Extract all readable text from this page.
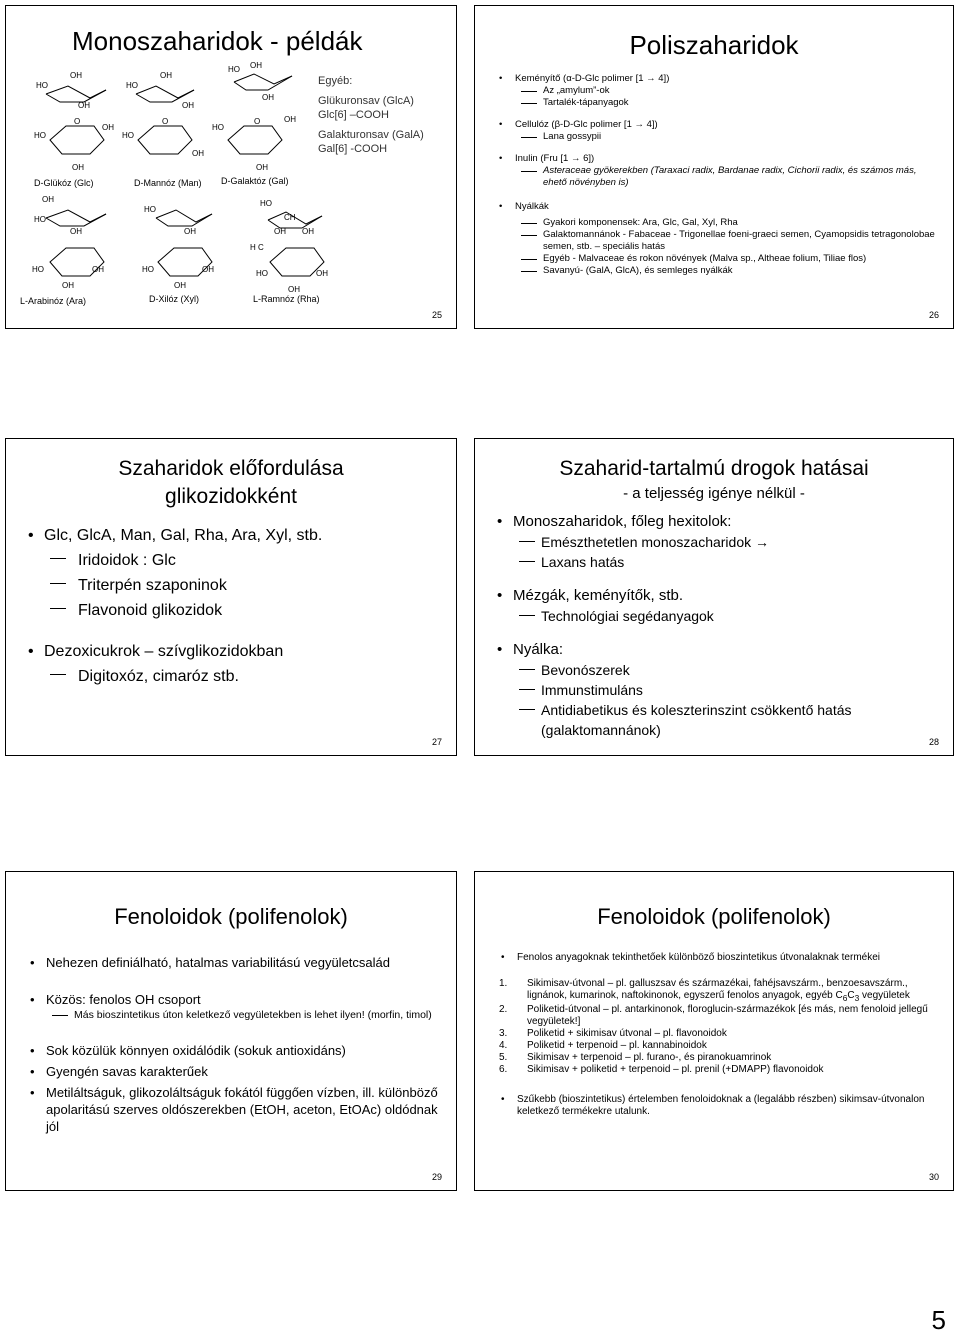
Monoszaharidok - példák
HO
OH
OH
O
HO
OH
OH
HO
OH
OH
O
HO
OH
HO OH
OH
O
HO
OH
OH
OH
HO
OH
HO	OH
OH
HO
OH
HO	OH
OH
HO
CH
OH OH
H C
HO	OH
OH
D-Glükóz (Glc)	D-Mannóz (Man) D-Galaktóz (Gal)
L-Arabinóz (Ara)	D-Xilóz (Xyl)	L-Ramnóz (Rha)
Egyéb:
Glükuronsav (GlcA)
Glc[6] –COOH
Galakturonsav (GalA)
Gal[6] -COOH
25
Poliszaharidok
• Keményítő (α-D-Glc polimer [1 → 4])
Az „amylum”-ok
Tartalék-tápanyagok
• Cellulóz (β-D-Glc polimer [1 → 4])
Lana gossypii
• Inulin (Fru [1 → 6])
Asteraceae gyökerekben (Taraxaci radix, Bardanae radix, Cichorii radix, és számos más, ehető növényben is)
• Nyálkák
Gyakori komponensek: Ara, Glc, Gal, Xyl, Rha
Galaktomannánok - Fabaceae - Trigonellae foeni-graeci semen, Cyamopsidis tetragonolobae semen, stb. – speciális hatás
Egyéb - Malvaceae és rokon növények (Malva sp., Altheae folium, Tiliae flos)
Savanyú- (GalA, GlcA), és semleges nyálkák
26
Szaharidok előfordulása
glikozidokként
• Glc, GlcA, Man, Gal, Rha, Ara, Xyl, stb.
Iridoidok : Glc
Triterpén szaponinok
Flavonoid glikozidok
• Dezoxicukrok – szívglikozidokban
Digitoxóz, cimaróz stb.
27
Szaharid-tartalmú drogok hatásai
- a teljesség igénye nélkül -
• Monoszaharidok, főleg hexitolok:
Emészthetetlen monoszacharidok →
Laxans hatás
• Mézgák, keményítők, stb.
Technológiai segédanyagok
• Nyálka:
Bevonószerek
Immunstimuláns
Antidiabetikus és koleszterinszint csökkentő hatás (galaktomannánok)
28
Fenoloidok (polifenolok)
• Nehezen definiálható, hatalmas variabilitású vegyületcsalád
• Közös: fenolos OH csoport
Más bioszintetikus úton keletkező vegyületekben is lehet ilyen! (morfin, timol)
• Sok közülük könnyen oxidálódik (sokuk antioxidáns)
• Gyengén savas karakterűek
• Metiláltságuk, glikozoláltságuk fokától függően vízben, ill. különböző apolaritású szerves oldószerekben (EtOH, aceton, EtOAc) oldódnak jól
29
Fenoloidok (polifenolok)
• Fenolos anyagoknak tekinthetőek különböző bioszintetikus útvonalaknak termékei
1. Sikimisav-útvonal – pl. galluszsav és származékai, fahéjsavszárm., benzoesavszárm., lignánok, kumarinok, naftokinonok, egyszerű fenolos anyagok, egyéb $C_6C_3$ vegyületek
2. Poliketid-útvonal – pl. antarkinonok, floroglucin-származékok [és más, nem fenoloid jellegű vegyületek!]
3. Poliketid + sikimisav útvonal – pl. flavonoidok
4. Poliketid + terpenoid – pl. kannabinoidok
5. Sikimisav + terpenoid – pl. furano-, és piranokuamrinok
6. Sikimisav + poliketid + terpenoid – pl. prenil (+DMAPP) flavonoidok
• Szűkebb (bioszintetikus) értelemben fenoloidoknak a (legalább részben) sikimsav-útvonalon keletkező termékekre utalunk.
30
5
